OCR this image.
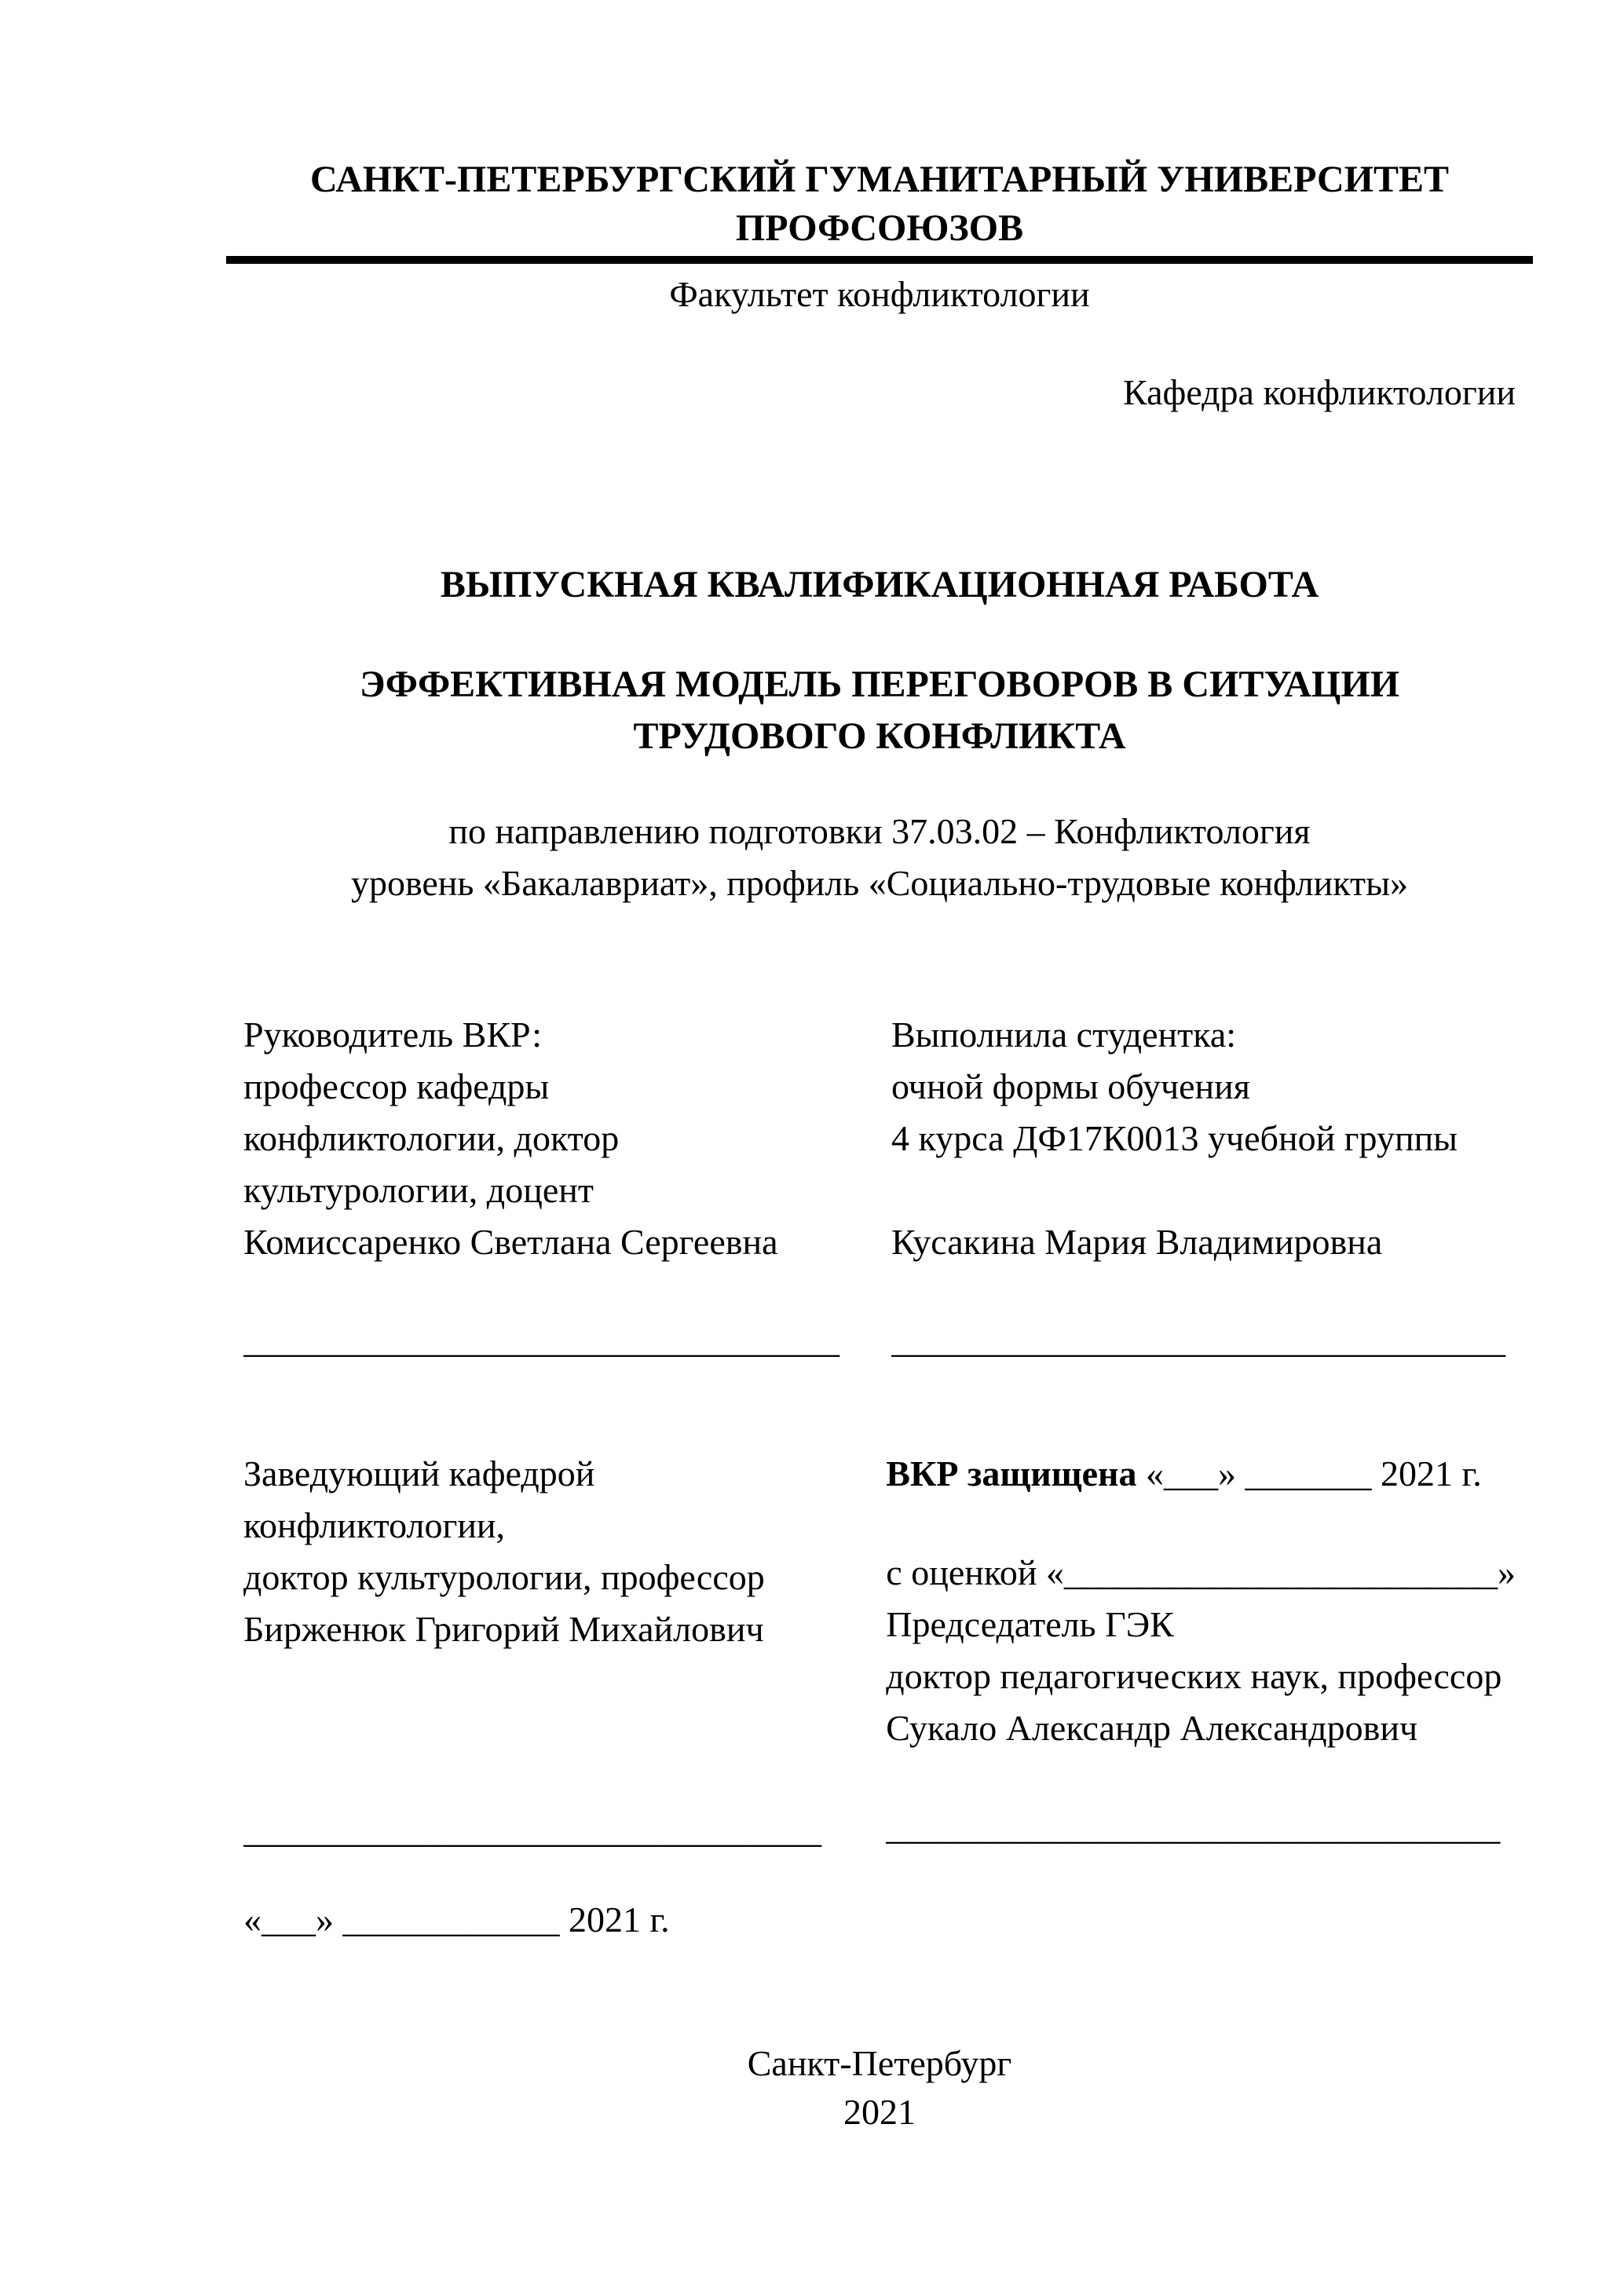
САНКТ-ПЕТЕРБУРГСКИЙ ГУМАНИТАРНЫЙ УНИВЕРСИТЕТ

ПРОФСОЮЗОВ

Факультет конфликтологии

Кафедра конфликтологии

ВЫПУСКНАЯ КВАЛИФИКАЦИОННАЯ РАБОТА

ЭФФЕКТИВНАЯ МОДЕЛЬ ПЕРЕГОВОРОВ В СИТУАЦИИ

ТРУДОВОГО КОНФЛИКТА

по направлению подготовки 37.03.02 – Конфликтология

уровень «Бакалавриат», профиль «Социально-трудовые конфликты»

Руководитель ВКР:

профессор кафедры

конфликтологии, доктор

культурологии, доцент

Комиссаренко Светлана Сергеевна

_________________________________

Выполнила студентка:

очной формы обучения

4 курса ДФ17К0013 учебной группы

Кусакина Мария Владимировна

__________________________________

Заведующий кафедрой

конфликтологии,

доктор культурологии, профессор

Бирженюк Григорий Михайлович

________________________________

«___» ____________ 2021 г.

ВКР защищена «___» _______ 2021 г.

с оценкой «________________________»

Председатель ГЭК

доктор педагогических наук, профессор

Сукало Александр Александрович

__________________________________

Санкт-Петербург

2021
